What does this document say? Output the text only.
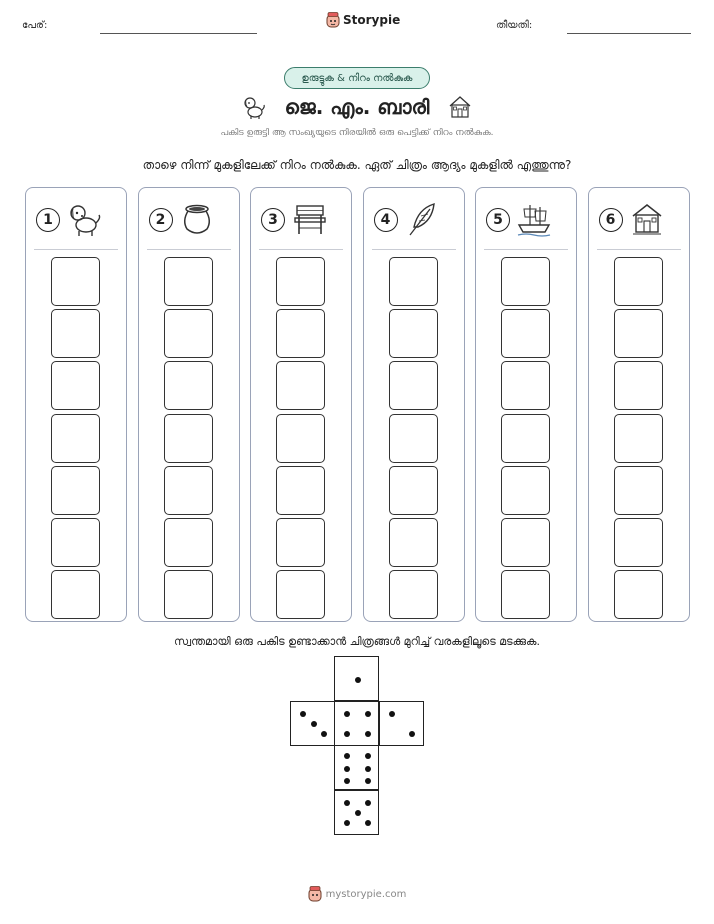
പേര്:	Storypie	തീയതി:
ഉരുട്ടുക & നിറം നൽകുക
ജെ. എം. ബാരി
പകിട ഉരുട്ടി ആ സംഖ്യയുടെ നിരയിൽ ഒരു പെട്ടിക്ക് നിറം നൽകുക.
താഴെ നിന്ന് മുകളിലേക്ക് നിറം നൽകുക. ഏത് ചിത്രം ആദ്യം മുകളിൽ എത്തുന്നു?
1	2	3	4	5	6
സ്വന്തമായി ഒരു പകിട ഉണ്ടാക്കാൻ ചിത്രങ്ങൾ മുറിച്ച് വരകളിലൂടെ മടക്കുക.
mystorypie.com
